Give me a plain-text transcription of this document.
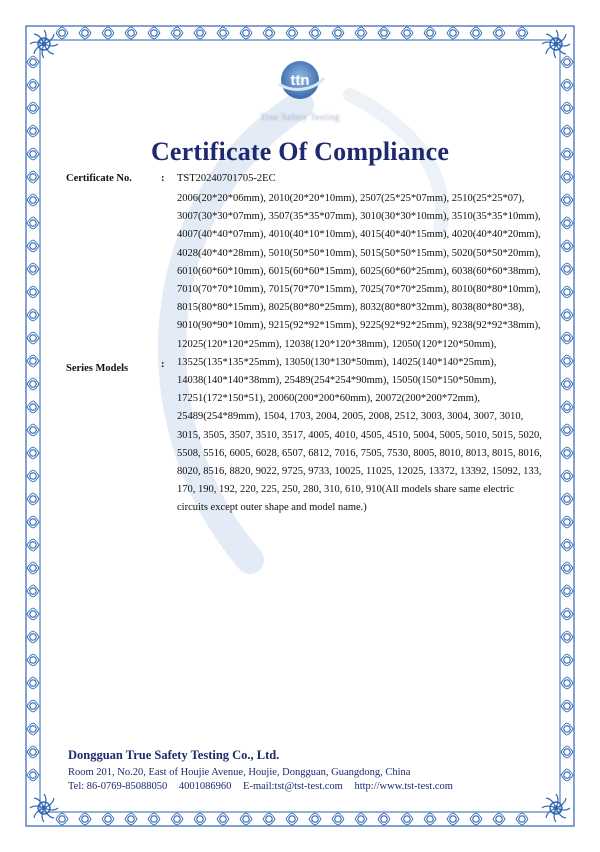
ttn
True Safety Testing
Certificate Of Compliance
Certificate No.	: TST20240701705-2EC
Series Models	:
2006(20*20*06mm), 2010(20*20*10mm), 2507(25*25*07mm), 2510(25*25*07), 3007(30*30*07mm), 3507(35*35*07mm), 3010(30*30*10mm), 3510(35*35*10mm), 4007(40*40*07mm), 4010(40*10*10mm), 4015(40*40*15mm), 4020(40*40*20mm), 4028(40*40*28mm), 5010(50*50*10mm), 5015(50*50*15mm), 5020(50*50*20mm), 6010(60*60*10mm), 6015(60*60*15mm), 6025(60*60*25mm), 6038(60*60*38mm), 7010(70*70*10mm), 7015(70*70*15mm), 7025(70*70*25mm), 8010(80*80*10mm), 8015(80*80*15mm), 8025(80*80*25mm), 8032(80*80*32mm), 8038(80*80*38), 9010(90*90*10mm), 9215(92*92*15mm), 9225(92*92*25mm), 9238(92*92*38mm), 12025(120*120*25mm), 12038(120*120*38mm), 12050(120*120*50mm), 13525(135*135*25mm), 13050(130*130*50mm), 14025(140*140*25mm), 14038(140*140*38mm), 25489(254*254*90mm), 15050(150*150*50mm), 17251(172*150*51), 20060(200*200*60mm), 20072(200*200*72mm), 25489(254*89mm), 1504, 1703, 2004, 2005, 2008, 2512, 3003, 3004, 3007, 3010, 3015, 3505, 3507, 3510, 3517, 4005, 4010, 4505, 4510, 5004, 5005, 5010, 5015, 5020, 5508, 5516, 6005, 6028, 6507, 6812, 7016, 7505, 7530, 8005, 8010, 8013, 8015, 8016, 8020, 8516, 8820, 9022, 9725, 9733, 10025, 11025, 12025, 13372, 13392, 15092, 133, 170, 190, 192, 220, 225, 250, 280, 310, 610, 910(All models share same electric circuits except outer shape and model name.)
Dongguan True Safety Testing Co., Ltd.
Room 201, No.20, East of Houjie Avenue, Houjie, Dongguan, Guangdong, China
Tel: 86-0769-85088050 4001086960 E-mail:tst@tst-test.com http://www.tst-test.com
